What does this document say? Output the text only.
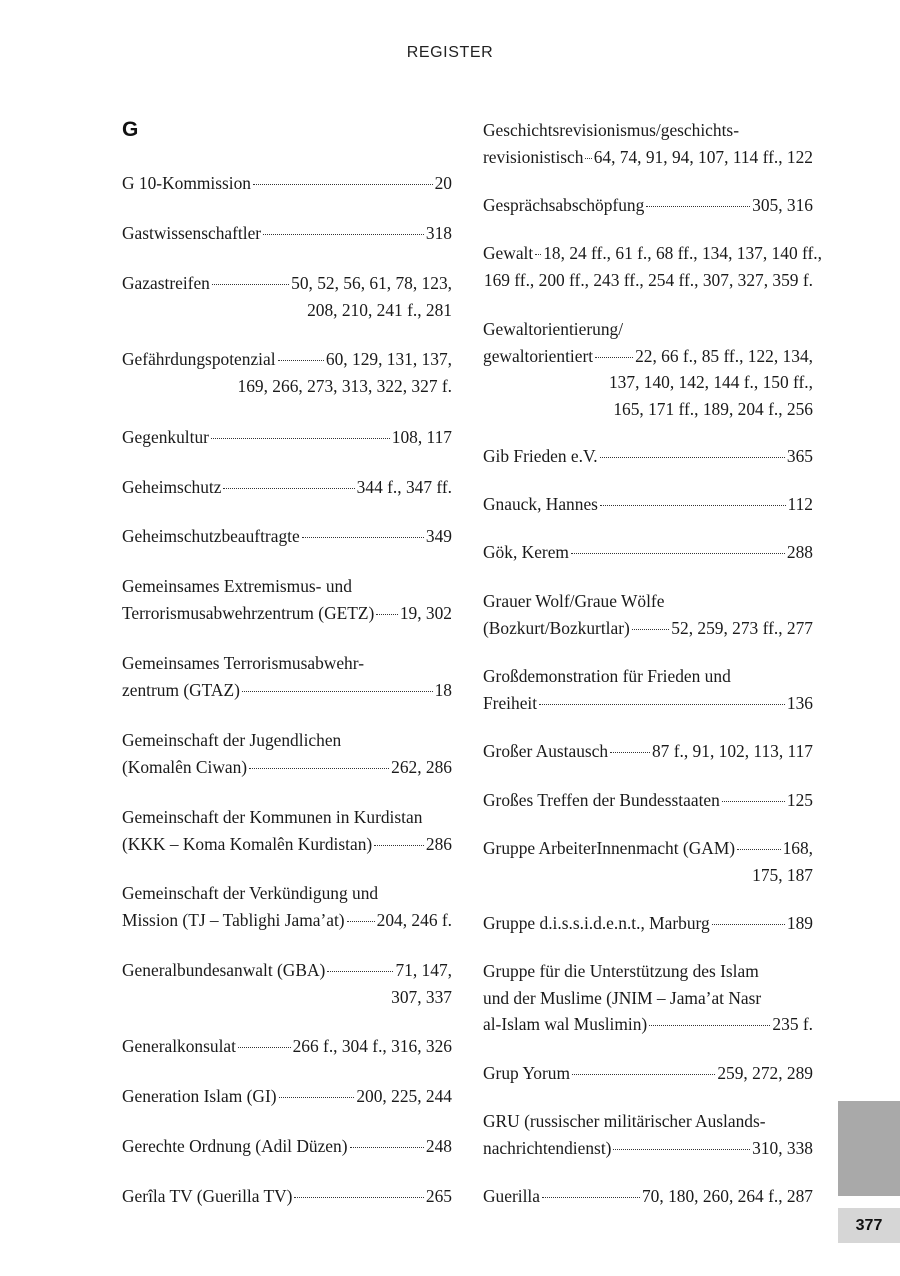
REGISTER
G
G 10-Kommission	20
Gastwissenschaftler	318
Gazastreifen	50, 52, 56, 61, 78, 123,
208, 210, 241 f., 281
Gefährdungspotenzial	60, 129, 131, 137,
169, 266, 273, 313, 322, 327 f.
Gegenkultur	108, 117
Geheimschutz	344 f., 347 ff.
Geheimschutzbeauftragte	349
Gemeinsames Extremismus- und
Terrorismusabwehrzentrum (GETZ) 19, 302
Gemeinsames Terrorismusabwehr-
zentrum (GTAZ)	18
Gemeinschaft der Jugendlichen
(Komalên Ciwan)	262, 286
Gemeinschaft der Kommunen in Kurdistan
(KKK – Koma Komalên Kurdistan)	286
Gemeinschaft der Verkündigung und
Mission (TJ – Tablighi Jama’at) 204, 246 f.
Generalbundesanwalt (GBA)	71, 147,
307, 337
Generalkonsulat	266 f., 304 f., 316, 326
Generation Islam (GI)	200, 225, 244
Gerechte Ordnung (Adil Düzen)	248
Gerîla TV (Guerilla TV)	265
Geschichtsrevisionismus/geschichts-
revisionistisch 64, 74, 91, 94, 107, 114 ff., 122
Gesprächsabschöpfung	305, 316
Gewalt 18, 24 ff., 61 f., 68 ff., 134, 137, 140 ff.,
169 ff., 200 ff., 243 ff., 254 ff., 307, 327, 359 f.
Gewaltorientierung/
gewaltorientiert 22, 66 f., 85 ff., 122, 134,
137, 140, 142, 144 f., 150 ff.,
165, 171 ff., 189, 204 f., 256
Gib Frieden e.V.	365
Gnauck, Hannes	112
Gök, Kerem	288
Grauer Wolf/Graue Wölfe
(Bozkurt/Bozkurtlar) 52, 259, 273 ff., 277
Großdemonstration für Frieden und
Freiheit	136
Großer Austausch	87 f., 91, 102, 113, 117
Großes Treffen der Bundesstaaten	125
Gruppe ArbeiterInnenmacht (GAM)	168,
175, 187
Gruppe d.i.s.s.i.d.e.n.t., Marburg	189
Gruppe für die Unterstützung des Islam
und der Muslime (JNIM – Jama’at Nasr
al-Islam wal Muslimin)	235 f.
Grup Yorum	259, 272, 289
GRU (russischer militärischer Auslands-
nachrichtendienst)	310, 338
Guerilla	70, 180, 260, 264 f., 287
377
